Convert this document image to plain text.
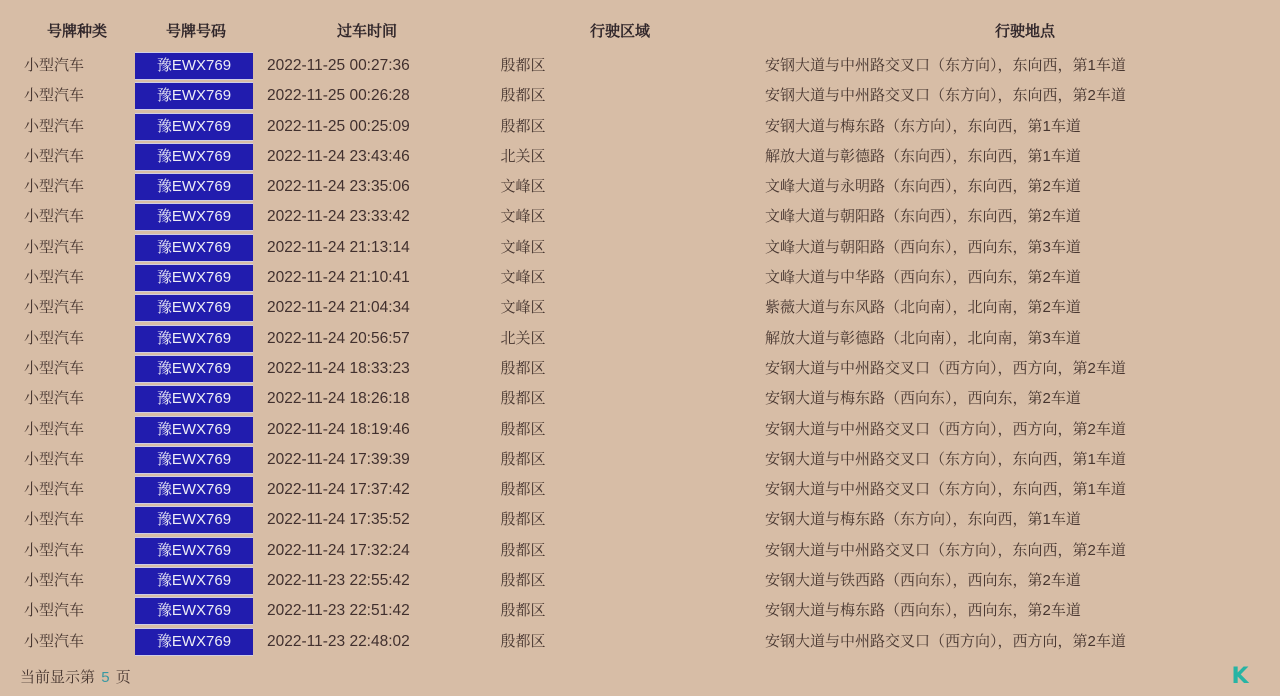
号牌种类	号牌号码	过车时间	行驶区域	行驶地点
小型汽车	豫EWX769	2022-11-25 00:27:36	殷都区	安钢大道与中州路交叉口（东方向），东向西，第1车道
小型汽车	豫EWX769	2022-11-25 00:26:28	殷都区	安钢大道与中州路交叉口（东方向），东向西，第2车道
小型汽车	豫EWX769	2022-11-25 00:25:09	殷都区	安钢大道与梅东路（东方向），东向西，第1车道
小型汽车	豫EWX769	2022-11-24 23:43:46	北关区	解放大道与彰德路（东向西），东向西，第1车道
小型汽车	豫EWX769	2022-11-24 23:35:06	文峰区	文峰大道与永明路（东向西），东向西，第2车道
小型汽车	豫EWX769	2022-11-24 23:33:42	文峰区	文峰大道与朝阳路（东向西），东向西，第2车道
小型汽车	豫EWX769	2022-11-24 21:13:14	文峰区	文峰大道与朝阳路（西向东），西向东，第3车道
小型汽车	豫EWX769	2022-11-24 21:10:41	文峰区	文峰大道与中华路（西向东），西向东，第2车道
小型汽车	豫EWX769	2022-11-24 21:04:34	文峰区	紫薇大道与东风路（北向南），北向南，第2车道
小型汽车	豫EWX769	2022-11-24 20:56:57	北关区	解放大道与彰德路（北向南），北向南，第3车道
小型汽车	豫EWX769	2022-11-24 18:33:23	殷都区	安钢大道与中州路交叉口（西方向），西方向，第2车道
小型汽车	豫EWX769	2022-11-24 18:26:18	殷都区	安钢大道与梅东路（西向东），西向东，第2车道
小型汽车	豫EWX769	2022-11-24 18:19:46	殷都区	安钢大道与中州路交叉口（西方向），西方向，第2车道
小型汽车	豫EWX769	2022-11-24 17:39:39	殷都区	安钢大道与中州路交叉口（东方向），东向西，第1车道
小型汽车	豫EWX769	2022-11-24 17:37:42	殷都区	安钢大道与中州路交叉口（东方向），东向西，第1车道
小型汽车	豫EWX769	2022-11-24 17:35:52	殷都区	安钢大道与梅东路（东方向），东向西，第1车道
小型汽车	豫EWX769	2022-11-24 17:32:24	殷都区	安钢大道与中州路交叉口（东方向），东向西，第2车道
小型汽车	豫EWX769	2022-11-23 22:55:42	殷都区	安钢大道与铁西路（西向东），西向东，第2车道
小型汽车	豫EWX769	2022-11-23 22:51:42	殷都区	安钢大道与梅东路（西向东），西向东，第2车道
小型汽车	豫EWX769	2022-11-23 22:48:02	殷都区	安钢大道与中州路交叉口（西方向），西方向，第2车道
当前显示第 5 页	K
